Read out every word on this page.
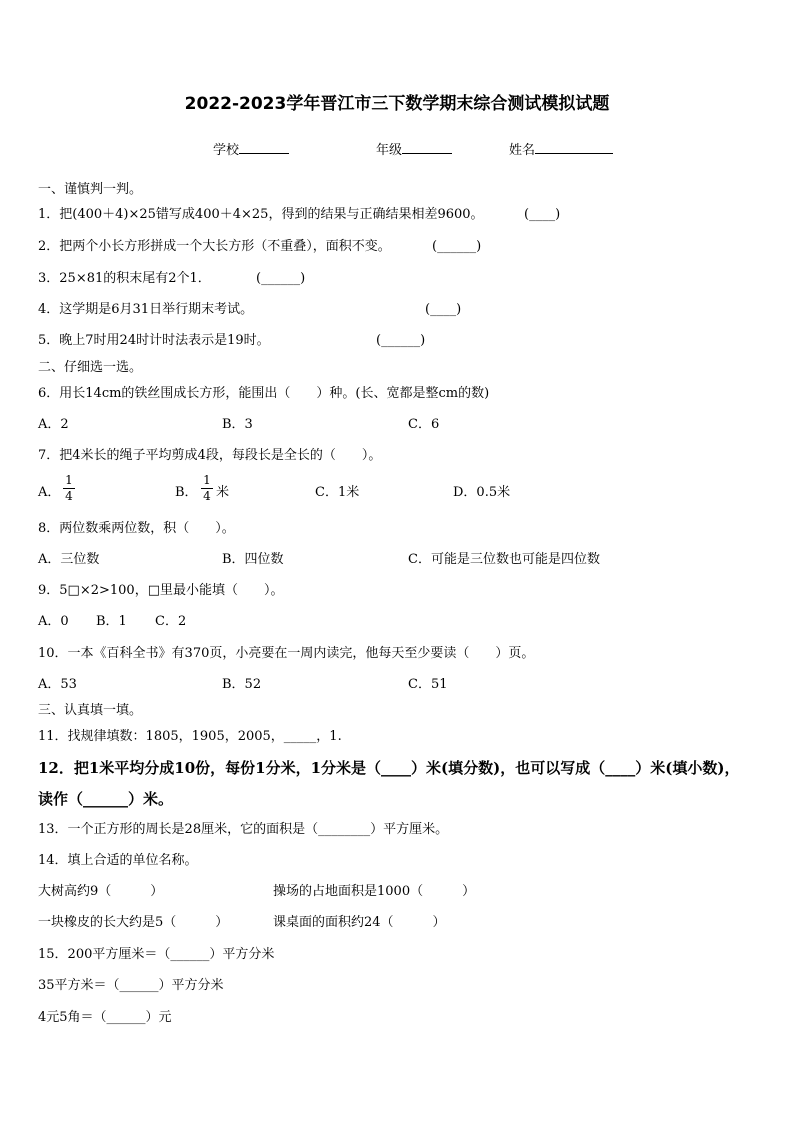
2022-2023学年晋江市三下数学期末综合测试模拟试题
学校	年级	姓名
一、谨慎判一判。
1．把(400＋4)×25错写成400＋4×25，得到的结果与正确结果相差9600。	(____)
2．把两个小长方形拼成一个大长方形（不重叠），面积不变。	(______)
3．25×81的积末尾有2个1．	(______)
4．这学期是6月31日举行期末考试。	(____)
5．晚上7时用24时计时法表示是19时。	(______)
二、仔细选一选。
6．用长14cm的铁丝围成长方形，能围出（　　）种。(长、宽都是整cm的数)
A．2	B．3	C．6
7．把4米长的绳子平均剪成4段，每段长是全长的（　　）。
A．
1
4	B．
1
4 米	C．1米	D．0.5米
8．两位数乘两位数，积（　　）。
A．三位数	B．四位数	C．可能是三位数也可能是四位数
9．5□×2>100，□里最小能填（　　）。
A．0 B．1 C．2
10．一本《百科全书》有370页，小亮要在一周内读完，他每天至少要读（　　）页。
A．53	B．52	C．51
三、认真填一填。
11．找规律填数：1805，1905，2005，_____，1.
12．把1米平均分成10份，每份1分米，1分米是（____）米(填分数)，也可以写成（____）米(填小数)，
读作（______）米。
13．一个正方形的周长是28厘米，它的面积是（________）平方厘米。
14．填上合适的单位名称。
大树高约9（　　　）	操场的占地面积是1000（　　　）
一块橡皮的长大约是5（　　　）	课桌面的面积约24（　　　）
15．200平方厘米＝（______）平方分米
35平方米＝（______）平方分米
4元5角＝（______）元
